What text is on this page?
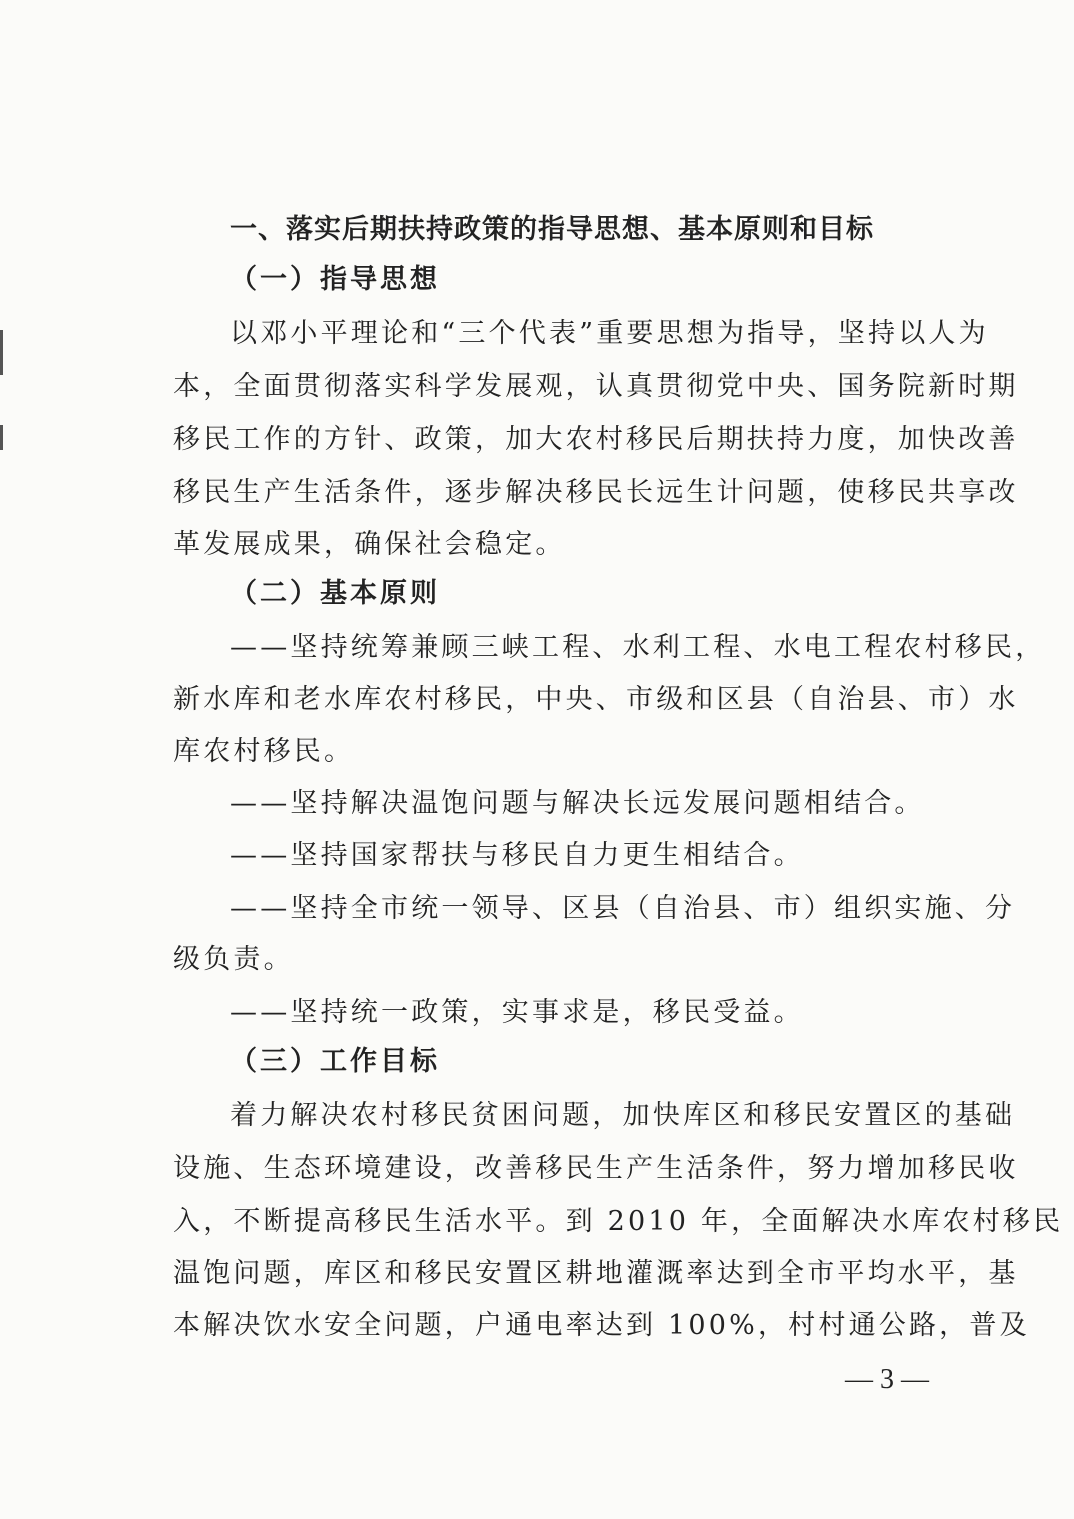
一、落实后期扶持政策的指导思想、基本原则和目标
（一）指导思想
以邓小平理论和“三个代表”重要思想为指导，坚持以人为
本，全面贯彻落实科学发展观，认真贯彻党中央、国务院新时期
移民工作的方针、政策，加大农村移民后期扶持力度，加快改善
移民生产生活条件，逐步解决移民长远生计问题，使移民共享改
革发展成果，确保社会稳定。
（二）基本原则
——坚持统筹兼顾三峡工程、水利工程、水电工程农村移民，
新水库和老水库农村移民，中央、市级和区县（自治县、市）水
库农村移民。
——坚持解决温饱问题与解决长远发展问题相结合。
——坚持国家帮扶与移民自力更生相结合。
——坚持全市统一领导、区县（自治县、市）组织实施、分
级负责。
——坚持统一政策，实事求是，移民受益。
（三）工作目标
着力解决农村移民贫困问题，加快库区和移民安置区的基础
设施、生态环境建设，改善移民生产生活条件，努力增加移民收
入，不断提高移民生活水平。到 2010 年，全面解决水库农村移民
温饱问题，库区和移民安置区耕地灌溉率达到全市平均水平，基
本解决饮水安全问题，户通电率达到 100%，村村通公路，普及
— 3 —
